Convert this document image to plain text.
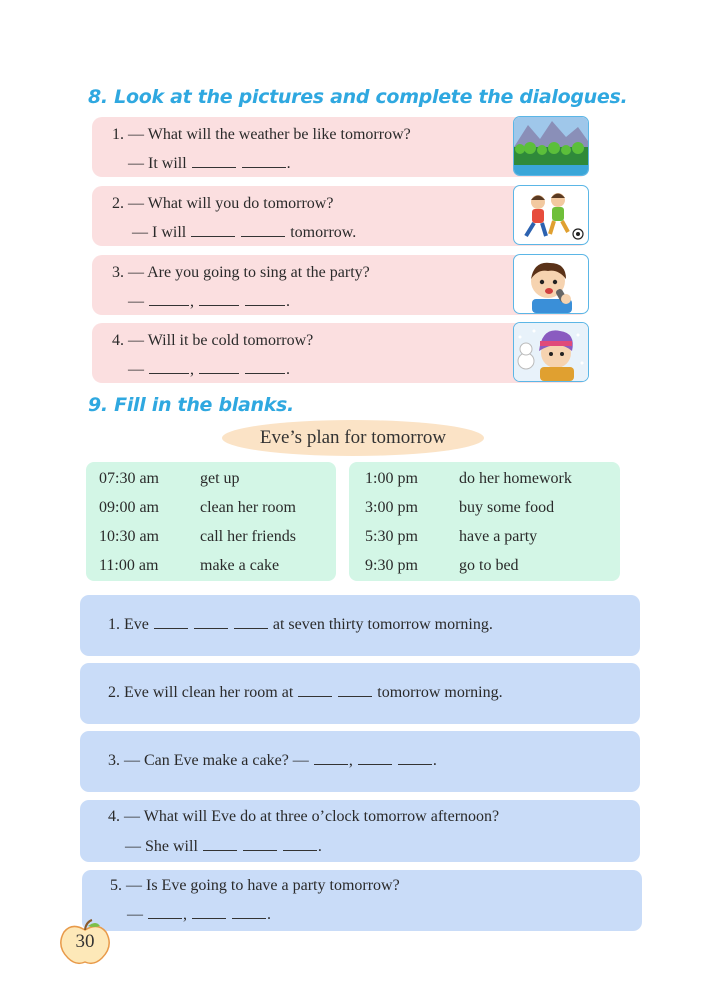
8. Look at the pictures and complete the dialogues.
1. — What will the weather be like tomorrow?
— It will	.
2. — What will you do tomorrow?
— I will	tomorrow.
3. — Are you going to sing at the party?
—	,	.
4. — Will it be cold tomorrow?
—	,	.
9. Fill in the blanks.
Eve’s plan for tomorrow
07:30 am	get up
09:00 am	clean her room
10:30 am	call her friends
11:00 am	make a cake
1:00 pm	do her homework
3:00 pm	buy some food
5:30 pm	have a party
9:30 pm	go to bed
1. Eve	at seven thirty tomorrow morning.
2. Eve will clean her room at	tomorrow morning.
3. — Can Eve make a cake? —	,	.
4. — What will Eve do at three o’clock tomorrow afternoon?
— She will	.
5. — Is Eve going to have a party tomorrow?
—	,	.
30
